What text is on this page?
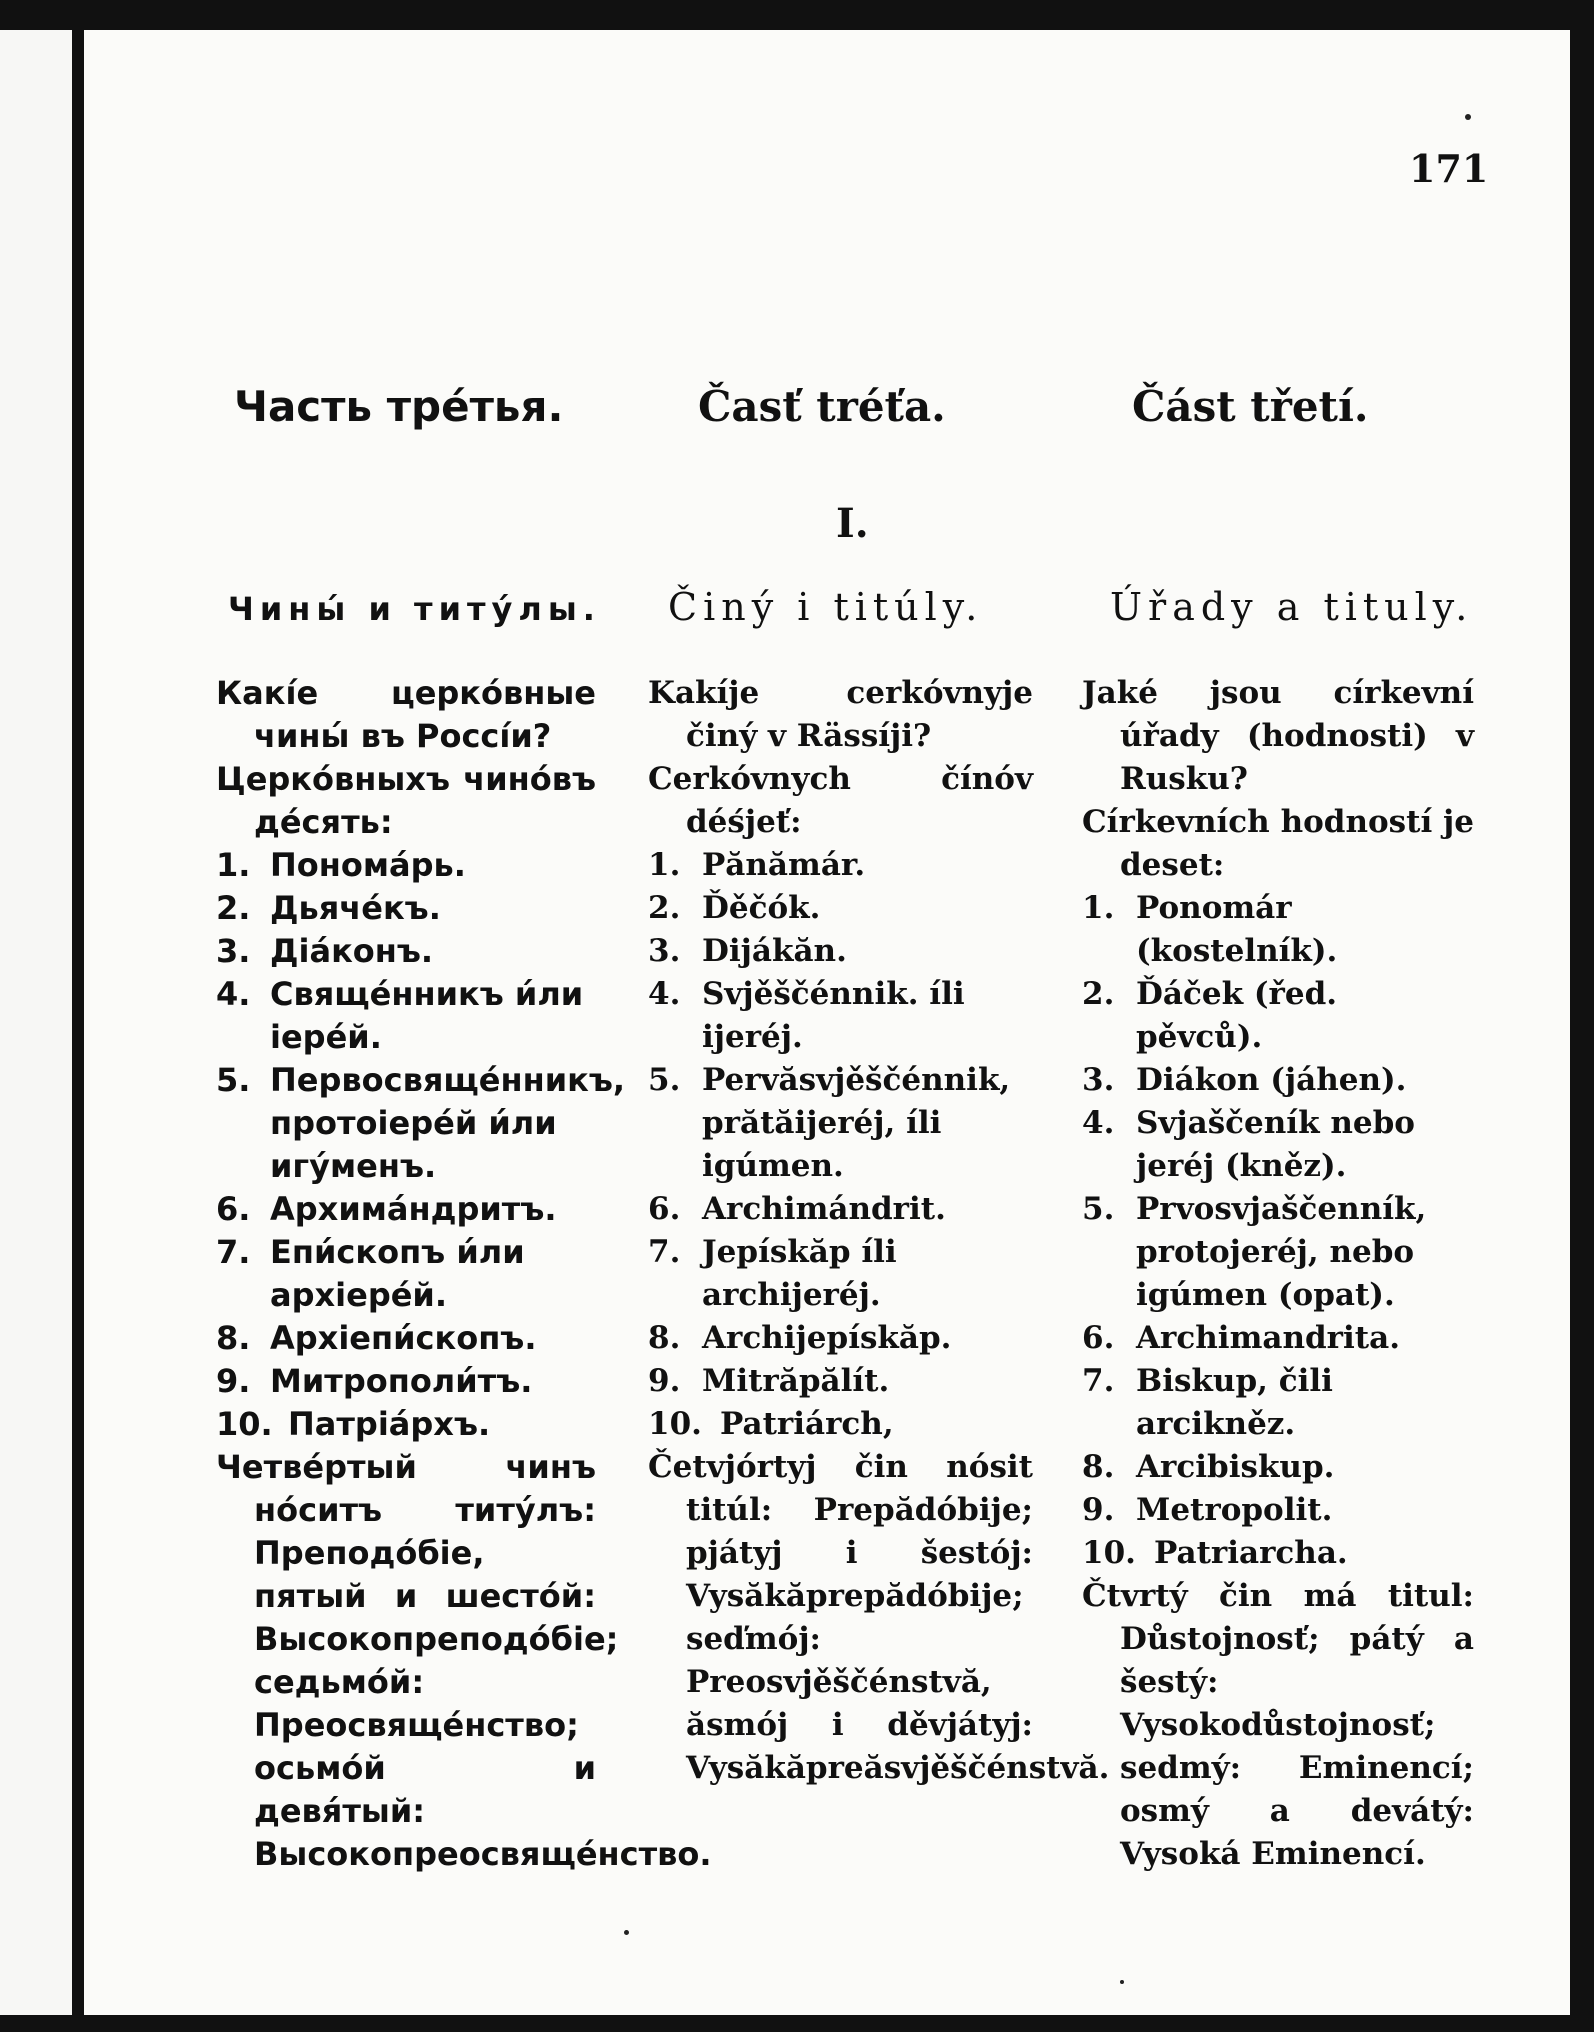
171
I.
Часть трéтья.
Чины́ и титу́лы.

Какíе церкóвные чины́ въ Россíи?

Церкóвныхъ чинóвъ дéсять:

1. Понома́рь.
2. Дьячéкъ.
3. Дiа́конъ.
4. Свящéнникъ и́ли iерéй.
5. Первосвящéнникъ, протоiерéй и́ли игу́менъ.
6. Архима́ндритъ.
7. Епи́скопъ и́ли архiерéй.
8. Архiепи́скопъ.
9. Митрополи́тъ.
10. Патрiа́рхъ.

Четвéртый чинъ нóситъ титу́лъ: Преподóбiе, пятый и шестóй: Высокопреподóбiе; седьмóй: Преосвящéнство; осьмóй и девя́тый: Высокопреосвящéнство.

Časť tréťa.
Činý i titúly.

Kakíje cerkóvnyje činý v Rässíji?

Cerkóvnych čínóv déśjeť:

1. Pănămár.
2. Ďěčók.
3. Dijákăn.
4. Svjěščénnik. íli ijeréj.
5. Pervăsvjěščénnik, prătăijeréj, íli igúmen.
6. Archimándrit.
7. Jepískăp íli archijeréj.
8. Archijepískăp.
9. Mitrăpălít.
10. Patriárch,

Četvjórtyj čin nósit titúl: Prepădóbije; pjátyj i šestój: Vysăkăprepădóbije; seďmój: Preosvjěščénstvă, ăsmój i děvjátyj: Vysăkăpreăsvjěščénstvă.

Část třetí.
Úřady a tituly.

Jaké jsou církevní úřady (hodnosti) v Rusku?

Církevních hodností je deset:

1. Ponomár (kostelník).
2. Ďáček (řed. pěvců).
3. Diákon (jáhen).
4. Svjaščeník nebo jeréj (kněz).
5. Prvosvjaščenník, protojeréj, nebo igúmen (opat).
6. Archimandrita.
7. Biskup, čili arcikněz.
8. Arcibiskup.
9. Metropolit.
10. Patriarcha.

Čtvrtý čin má titul: Důstojnosť; pátý a šestý: Vysokodůstojnosť; sedmý: Eminencí; osmý a devátý: Vysoká Eminencí.
